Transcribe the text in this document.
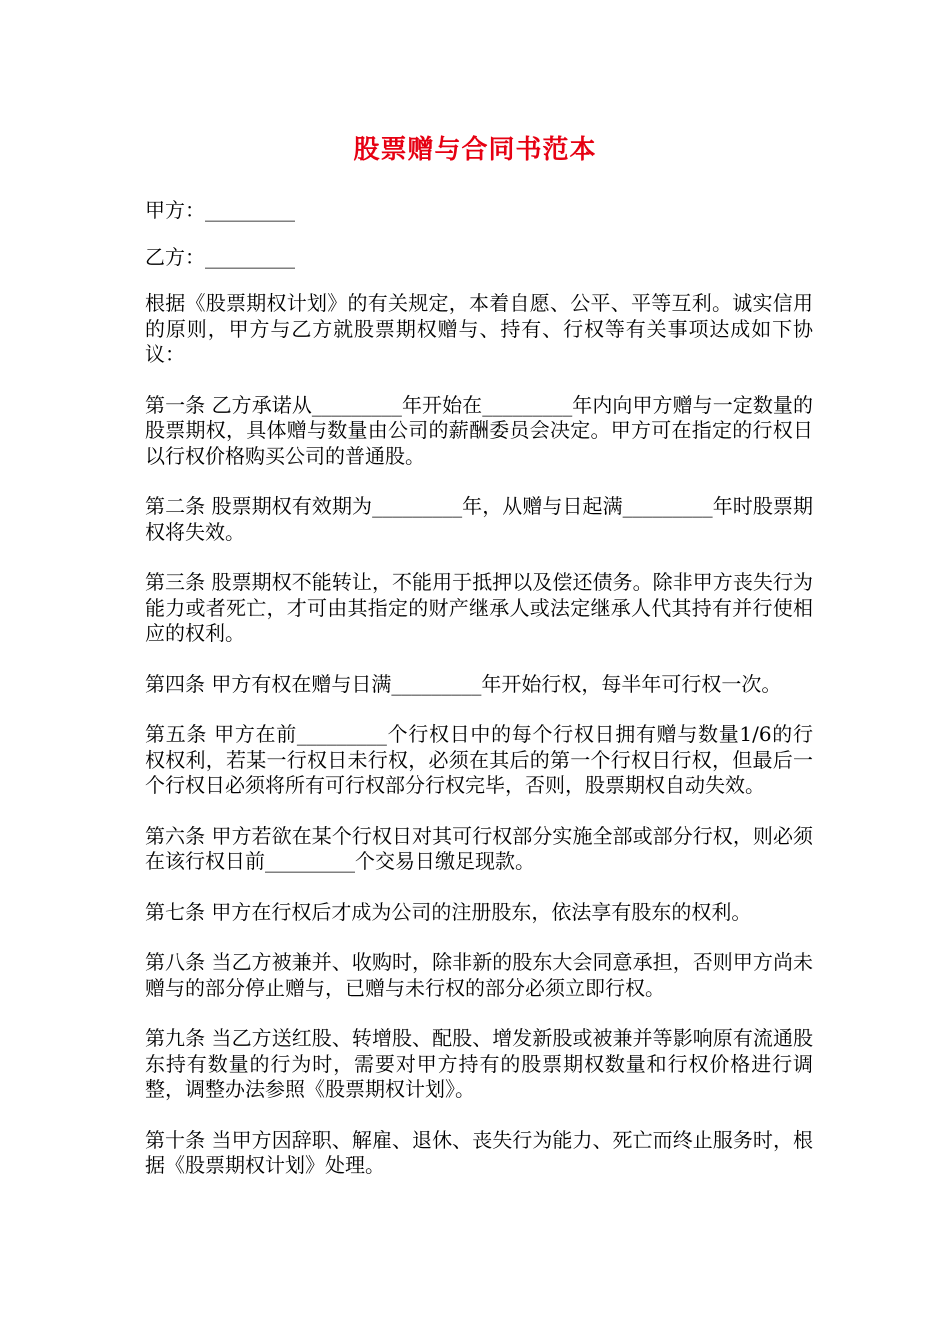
股票赠与合同书范本

甲方：_________

乙方：_________

根据《股票期权计划》的有关规定，本着自愿、公平、平等互利。诚实信用的原则，甲方与乙方就股票期权赠与、持有、行权等有关事项达成如下协议：

第一条 乙方承诺从_________年开始在_________年内向甲方赠与一定数量的股票期权，具体赠与数量由公司的薪酬委员会决定。甲方可在指定的行权日以行权价格购买公司的普通股。

第二条 股票期权有效期为_________年，从赠与日起满_________年时股票期权将失效。

第三条 股票期权不能转让，不能用于抵押以及偿还债务。除非甲方丧失行为能力或者死亡，才可由其指定的财产继承人或法定继承人代其持有并行使相应的权利。

第四条 甲方有权在赠与日满_________年开始行权，每半年可行权一次。

第五条 甲方在前_________个行权日中的每个行权日拥有赠与数量1/6的行权权利，若某一行权日未行权，必须在其后的第一个行权日行权，但最后一个行权日必须将所有可行权部分行权完毕，否则，股票期权自动失效。

第六条 甲方若欲在某个行权日对其可行权部分实施全部或部分行权，则必须在该行权日前_________个交易日缴足现款。

第七条 甲方在行权后才成为公司的注册股东，依法享有股东的权利。

第八条 当乙方被兼并、收购时，除非新的股东大会同意承担，否则甲方尚未赠与的部分停止赠与，已赠与未行权的部分必须立即行权。

第九条 当乙方送红股、转增股、配股、增发新股或被兼并等影响原有流通股东持有数量的行为时，需要对甲方持有的股票期权数量和行权价格进行调整，调整办法参照《股票期权计划》。

第十条 当甲方因辞职、解雇、退休、丧失行为能力、死亡而终止服务时，根据《股票期权计划》处理。
